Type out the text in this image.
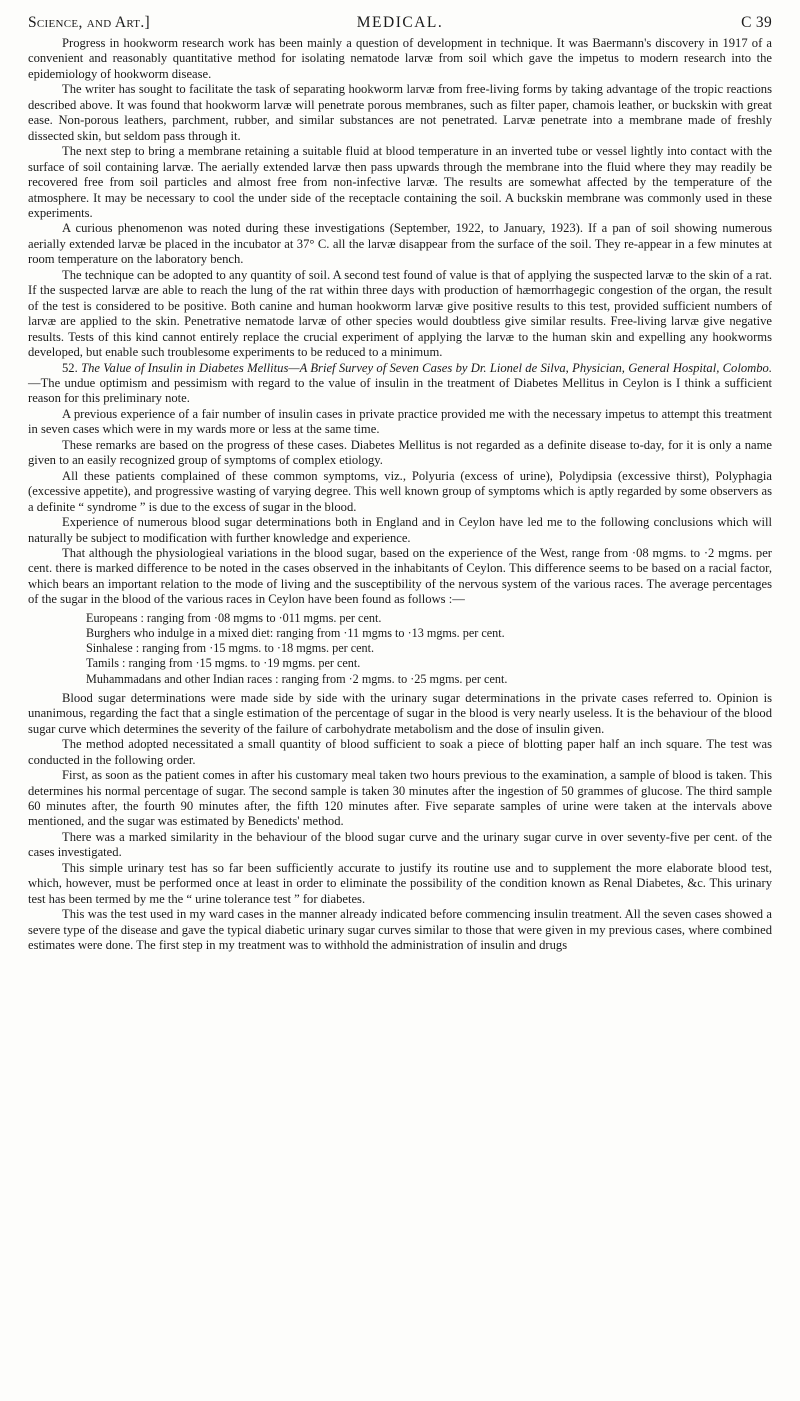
Science, and Art.]	MEDICAL.	C 39

Progress in hookworm research work has been mainly a question of development in technique. It was Baermann's discovery in 1917 of a convenient and reasonably quantitative method for isolating nematode larvæ from soil which gave the impetus to modern research into the epidemiology of hookworm disease.

The writer has sought to facilitate the task of separating hookworm larvæ from free-living forms by taking advantage of the tropic reactions described above. It was found that hookworm larvæ will penetrate porous membranes, such as filter paper, chamois leather, or buckskin with great ease. Non-porous leathers, parchment, rubber, and similar substances are not penetrated. Larvæ penetrate into a membrane made of freshly dissected skin, but seldom pass through it.

The next step to bring a membrane retaining a suitable fluid at blood temperature in an inverted tube or vessel lightly into contact with the surface of soil containing larvæ. The aerially extended larvæ then pass upwards through the membrane into the fluid where they may readily be recovered free from soil particles and almost free from non-infective larvæ. The results are somewhat affected by the temperature of the atmosphere. It may be necessary to cool the under side of the receptacle containing the soil. A buckskin membrane was commonly used in these experiments.

A curious phenomenon was noted during these investigations (September, 1922, to January, 1923). If a pan of soil showing numerous aerially extended larvæ be placed in the incubator at 37° C. all the larvæ disappear from the surface of the soil. They re-appear in a few minutes at room temperature on the laboratory bench.

The technique can be adopted to any quantity of soil. A second test found of value is that of applying the suspected larvæ to the skin of a rat. If the suspected larvæ are able to reach the lung of the rat within three days with production of hæmorrhagegic congestion of the organ, the result of the test is considered to be positive. Both canine and human hookworm larvæ give positive results to this test, provided sufficient numbers of larvæ are applied to the skin. Penetrative nematode larvæ of other species would doubtless give similar results. Free-living larvæ give negative results. Tests of this kind cannot entirely replace the crucial experiment of applying the larvæ to the human skin and expelling any hookworms developed, but enable such troublesome experiments to be reduced to a minimum.

52. The Value of Insulin in Diabetes Mellitus—A Brief Survey of Seven Cases by Dr. Lionel de Silva, Physician, General Hospital, Colombo.—The undue optimism and pessimism with regard to the value of insulin in the treatment of Diabetes Mellitus in Ceylon is I think a sufficient reason for this preliminary note.

A previous experience of a fair number of insulin cases in private practice provided me with the necessary impetus to attempt this treatment in seven cases which were in my wards more or less at the same time.

These remarks are based on the progress of these cases. Diabetes Mellitus is not regarded as a definite disease to-day, for it is only a name given to an easily recognized group of symptoms of complex etiology.

All these patients complained of these common symptoms, viz., Polyuria (excess of urine), Polydipsia (excessive thirst), Polyphagia (excessive appetite), and progressive wasting of varying degree. This well known group of symptoms which is aptly regarded by some observers as a definite “ syndrome ” is due to the excess of sugar in the blood.

Experience of numerous blood sugar determinations both in England and in Ceylon have led me to the following conclusions which will naturally be subject to modification with further knowledge and experience.

That although the physiologieal variations in the blood sugar, based on the experience of the West, range from ·08 mgms. to ·2 mgms. per cent. there is marked difference to be noted in the cases observed in the inhabitants of Ceylon. This difference seems to be based on a racial factor, which bears an important relation to the mode of living and the susceptibility of the nervous system of the various races. The average percentages of the sugar in the blood of the various races in Ceylon have been found as follows :—

Europeans : ranging from ·08 mgms to ·011 mgms. per cent.
Burghers who indulge in a mixed diet: ranging from ·11 mgms to ·13 mgms. per cent.
Sinhalese : ranging from ·15 mgms. to ·18 mgms. per cent.
Tamils : ranging from ·15 mgms. to ·19 mgms. per cent.
Muhammadans and other Indian races : ranging from ·2 mgms. to ·25 mgms. per cent.

Blood sugar determinations were made side by side with the urinary sugar determinations in the private cases referred to. Opinion is unanimous, regarding the fact that a single estimation of the percentage of sugar in the blood is very nearly useless. It is the behaviour of the blood sugar curve which determines the severity of the failure of carbohydrate metabolism and the dose of insulin given.

The method adopted necessitated a small quantity of blood sufficient to soak a piece of blotting paper half an inch square. The test was conducted in the following order.

First, as soon as the patient comes in after his customary meal taken two hours previous to the examination, a sample of blood is taken. This determines his normal percentage of sugar. The second sample is taken 30 minutes after the ingestion of 50 grammes of glucose. The third sample 60 minutes after, the fourth 90 minutes after, the fifth 120 minutes after. Five separate samples of urine were taken at the intervals above mentioned, and the sugar was estimated by Benedicts' method.

There was a marked similarity in the behaviour of the blood sugar curve and the urinary sugar curve in over seventy-five per cent. of the cases investigated.

This simple urinary test has so far been sufficiently accurate to justify its routine use and to supplement the more elaborate blood test, which, however, must be performed once at least in order to eliminate the possibility of the condition known as Renal Diabetes, &c. This urinary test has been termed by me the “ urine tolerance test ” for diabetes.

This was the test used in my ward cases in the manner already indicated before commencing insulin treatment. All the seven cases showed a severe type of the disease and gave the typical diabetic urinary sugar curves similar to those that were given in my previous cases, where combined estimates were done. The first step in my treatment was to withhold the administration of insulin and drugs
